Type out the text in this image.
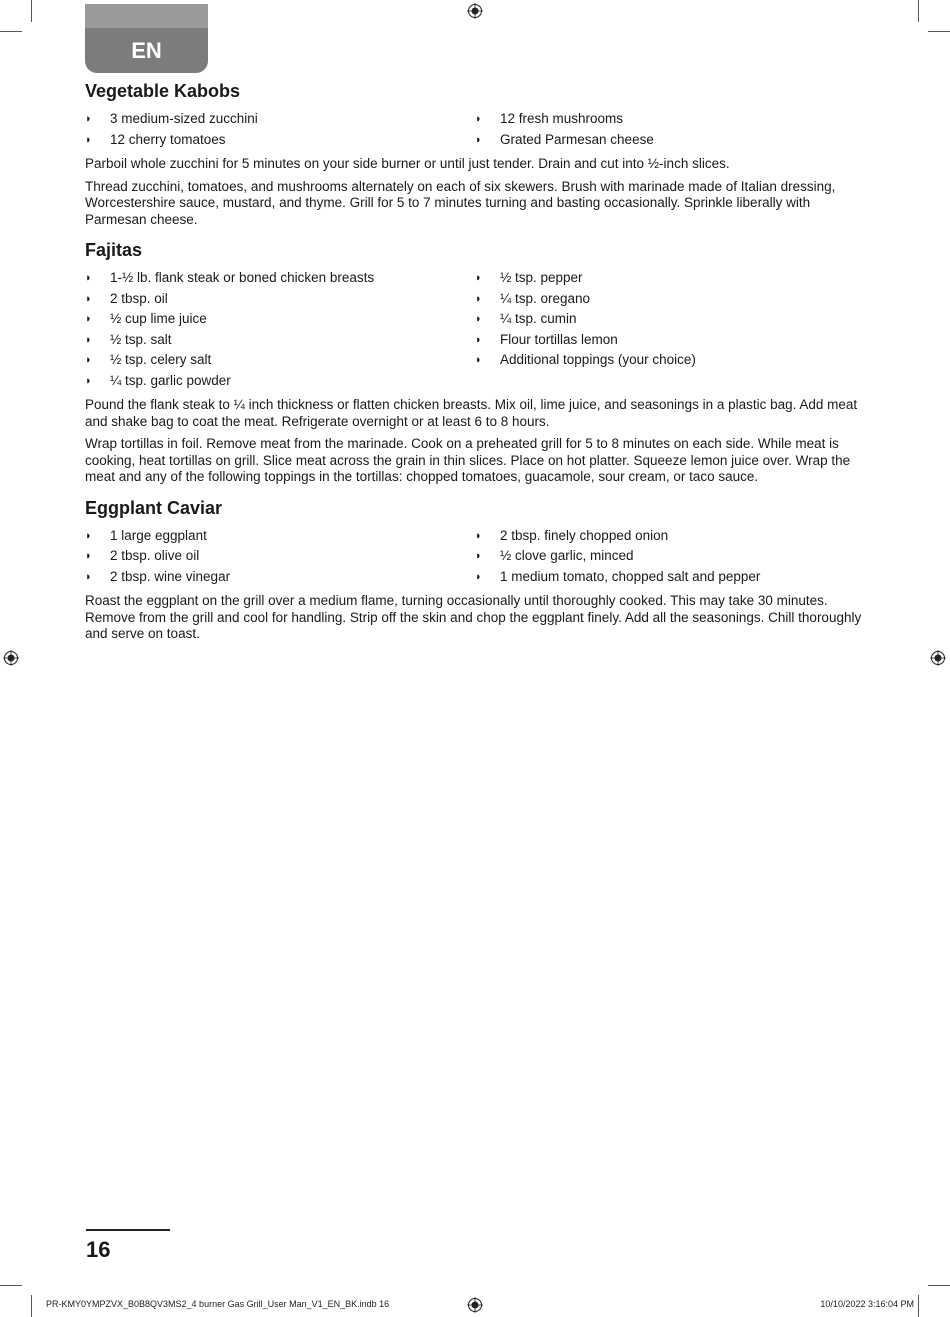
EN
Vegetable Kabobs
◗ 3 medium-sized zucchini
◗ 12 cherry tomatoes
◗ 12 fresh mushrooms
◗ Grated Parmesan cheese

Parboil whole zucchini for 5 minutes on your side burner or until just tender. Drain and cut into ½-inch slices.

Thread zucchini, tomatoes, and mushrooms alternately on each of six skewers. Brush with marinade made of Italian dressing, Worcestershire sauce, mustard, and thyme. Grill for 5 to 7 minutes turning and basting occasionally. Sprinkle liberally with Parmesan cheese.

Fajitas
◗ 1-½ lb. flank steak or boned chicken breasts
◗ 2 tbsp. oil
◗ ½ cup lime juice
◗ ½ tsp. salt
◗ ½ tsp. celery salt
◗ ¼ tsp. garlic powder
◗ ½ tsp. pepper
◗ ¼ tsp. oregano
◗ ¼ tsp. cumin
◗ Flour tortillas lemon
◗ Additional toppings (your choice)

Pound the flank steak to ¼ inch thickness or flatten chicken breasts. Mix oil, lime juice, and seasonings in a plastic bag. Add meat and shake bag to coat the meat. Refrigerate overnight or at least 6 to 8 hours.

Wrap tortillas in foil. Remove meat from the marinade. Cook on a preheated grill for 5 to 8 minutes on each side. While meat is cooking, heat tortillas on grill. Slice meat across the grain in thin slices. Place on hot platter. Squeeze lemon juice over. Wrap the meat and any of the following toppings in the tortillas: chopped tomatoes, guacamole, sour cream, or taco sauce.

Eggplant Caviar
◗ 1 large eggplant
◗ 2 tbsp. olive oil
◗ 2 tbsp. wine vinegar
◗ 2 tbsp. finely chopped onion
◗ ½ clove garlic, minced
◗ 1 medium tomato, chopped salt and pepper

Roast the eggplant on the grill over a medium flame, turning occasionally until thoroughly cooked. This may take 30 minutes. Remove from the grill and cool for handling. Strip off the skin and chop the eggplant finely. Add all the seasonings. Chill thoroughly and serve on toast.

16
PR-KMY0YMPZVX_B0B8QV3MS2_4 burner Gas Grill_User Man_V1_EN_BK.indb 16	10/10/2022 3:16:04 PM
